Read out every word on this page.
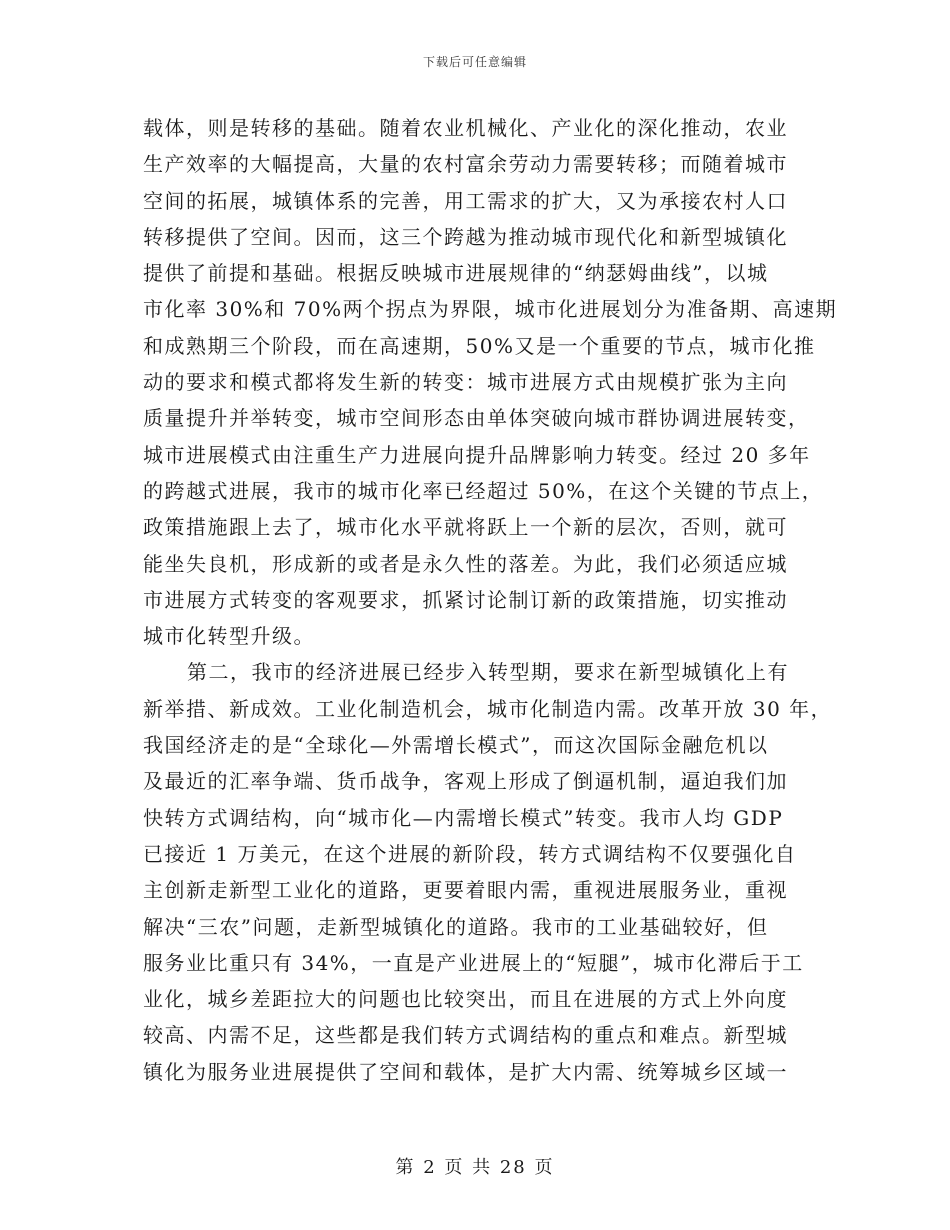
下载后可任意编辑
载体，则是转移的基础。随着农业机械化、产业化的深化推动，农业
生产效率的大幅提高，大量的农村富余劳动力需要转移；而随着城市
空间的拓展，城镇体系的完善，用工需求的扩大，又为承接农村人口
转移提供了空间。因而，这三个跨越为推动城市现代化和新型城镇化
提供了前提和基础。根据反映城市进展规律的“纳瑟姆曲线”，以城
市化率 30%和 70%两个拐点为界限，城市化进展划分为准备期、高速期
和成熟期三个阶段，而在高速期，50%又是一个重要的节点，城市化推
动的要求和模式都将发生新的转变：城市进展方式由规模扩张为主向
质量提升并举转变，城市空间形态由单体突破向城市群协调进展转变，
城市进展模式由注重生产力进展向提升品牌影响力转变。经过 20 多年
的跨越式进展，我市的城市化率已经超过 50%，在这个关键的节点上，
政策措施跟上去了，城市化水平就将跃上一个新的层次，否则，就可
能坐失良机，形成新的或者是永久性的落差。为此，我们必须适应城
市进展方式转变的客观要求，抓紧讨论制订新的政策措施，切实推动
城市化转型升级。
第二，我市的经济进展已经步入转型期，要求在新型城镇化上有
新举措、新成效。工业化制造机会，城市化制造内需。改革开放 30 年，
我国经济走的是“全球化—外需增长模式”，而这次国际金融危机以
及最近的汇率争端、货币战争，客观上形成了倒逼机制，逼迫我们加
快转方式调结构，向“城市化—内需增长模式”转变。我市人均 GDP
已接近 1 万美元，在这个进展的新阶段，转方式调结构不仅要强化自
主创新走新型工业化的道路，更要着眼内需，重视进展服务业，重视
解决“三农”问题，走新型城镇化的道路。我市的工业基础较好，但
服务业比重只有 34%，一直是产业进展上的“短腿”，城市化滞后于工
业化，城乡差距拉大的问题也比较突出，而且在进展的方式上外向度
较高、内需不足，这些都是我们转方式调结构的重点和难点。新型城
镇化为服务业进展提供了空间和载体，是扩大内需、统筹城乡区域一
第 2 页 共 28 页
